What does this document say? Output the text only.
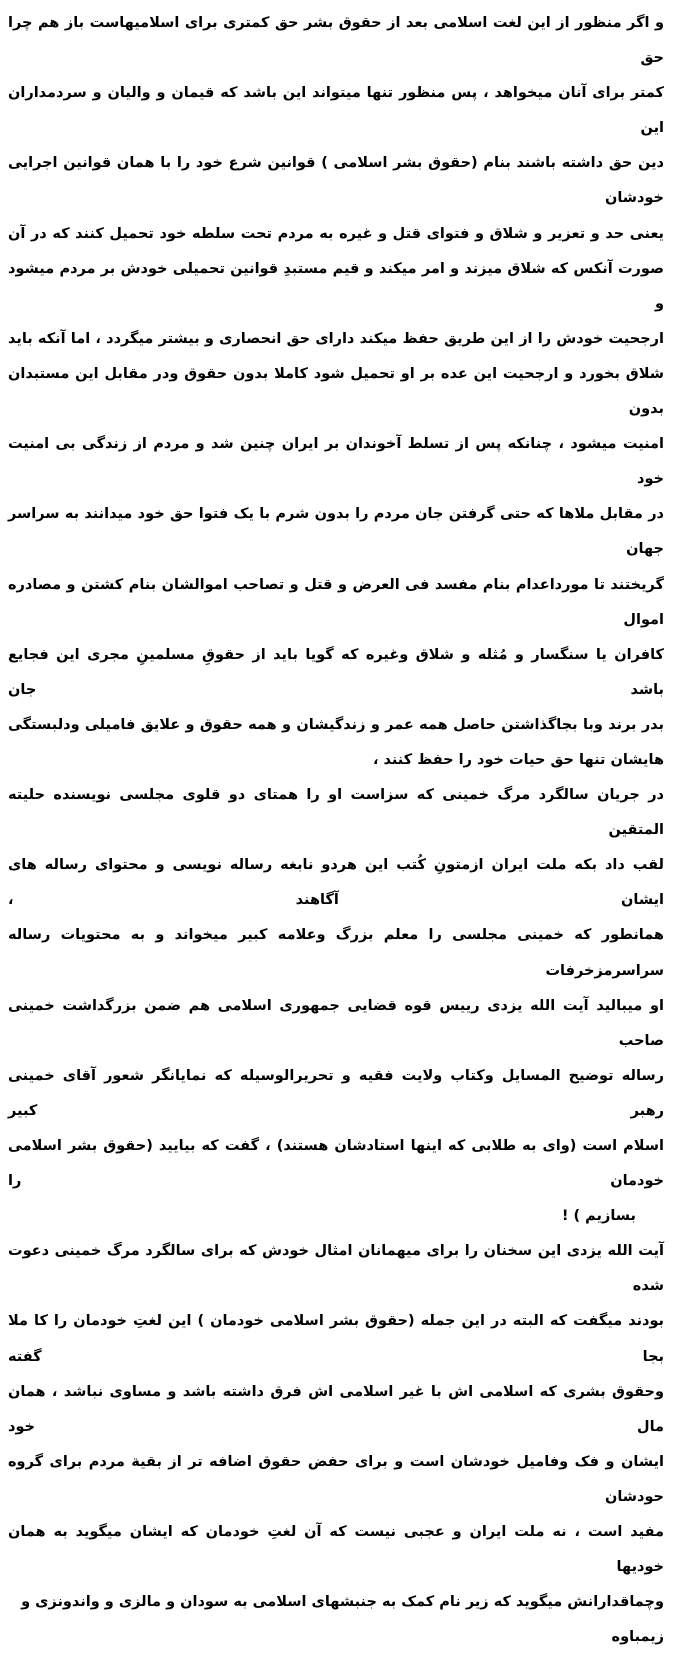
و اگر منظور از این لغت اسلامی بعد از حقوق بشر حق کمتری برای اسلامیهاست باز هم چرا حق
کمتر برای آنان میخواهد ، پس منظور تنها میتواند این باشد که قیمان و والیان و سردمداران این
دین حق داشته باشند بنام (حقوق بشر اسلامی ) قوانین شرع خود را با همان قوانین اجرایی خودشان
یعنی حد و تعزیر و شلاق و فتوای قتل و غیره به مردم تحت سلطه خود تحمیل کنند که در آن
صورت آنکس که شلاق میزند و امر میکند و قیم مستبدِ قوانین تحمیلی خودش بر مردم میشود و
ارجحیت خودش را از این طریق حفظ میکند دارای حق انحصاری و بیشتر میگردد ، اما آنکه باید
شلاق بخورد و ارجحیت این عده بر او تحمیل شود کاملا بدون حقوق ودر مقابل این مستبدان بدون
امنیت میشود ، چنانکه پس از تسلط آخوندان بر ایران چنین شد و مردم از زندگی بی امنیت خود
در مقابل ملاها که حتی گرفتن جان مردم را بدون شرم با یک فتوا حق خود میدانند به سراسر جهان
گریختند تا مورداعدام بنام مفسد فی العرض و قتل و تصاحب اموالشان بنام کشتن و مصادره اموال
کافران یا سنگسار و مُثله و شلاق وغیره که گویا باید از حقوقِ مسلمینِ مجری این فجایع باشد جان
بدر برند وبا بجاگذاشتن حاصل همه عمر و زندگیشان و همه حقوق و علایق فامیلی ودلبستگی
هایشان تنها حق حیات خود را حفظ کنند ،
در جریان سالگرد مرگ خمینی که سزاست او را همتای دو قلوی مجلسی نویسنده حلیته المتقین
لقب داد بکه ملت ایران ازمتونِ کُتب این هردو نابغه رساله نویسی و محتوای رساله های ایشان آگاهند ،
همانطور که خمینی مجلسی را معلم بزرگ وعلامه کبیر میخواند و به محتویات رساله سراسرمزخرفات
او میبالید آیت الله یزدی رییس قوه قضایی جمهوری اسلامی هم ضمن بزرگداشت خمینی صاحب
رساله توضیح المسایل وکتاب ولایت فقیه و تحریرالوسیله که نمایانگر شعور آقای خمینی رهبر کبیر
اسلام است (وای به طلابی که اینها استادشان هستند) ، گفت که بیایید (حقوق بشر اسلامی خودمان را
بسازیم ) !
آیت الله یزدی این سخنان را برای میهمانان امثال خودش که برای سالگرد مرگ خمینی دعوت شده
بودند میگفت که البته در این جمله (حقوق بشر اسلامی خودمان ) این لغتِ خودمان را کا ملا بجا گفته
وحقوق بشری که اسلامی اش با غیر اسلامی اش فرق داشته باشد و مساوی نباشد ، همان مال خود
ایشان و فک وفامیل خودشان است و برای حفض حقوق اضافه تر از بقیة مردم برای گروه حودشان
مفید است ، نه ملت ایران و عجبی نیست که آن لغتِ خودمان که ایشان میگوید به همان خودیها
وچماقدارانش میگوید که زیر نام کمک به جنبشهای اسلامی به سودان و مالزی و واندونزی و زیمباوه
